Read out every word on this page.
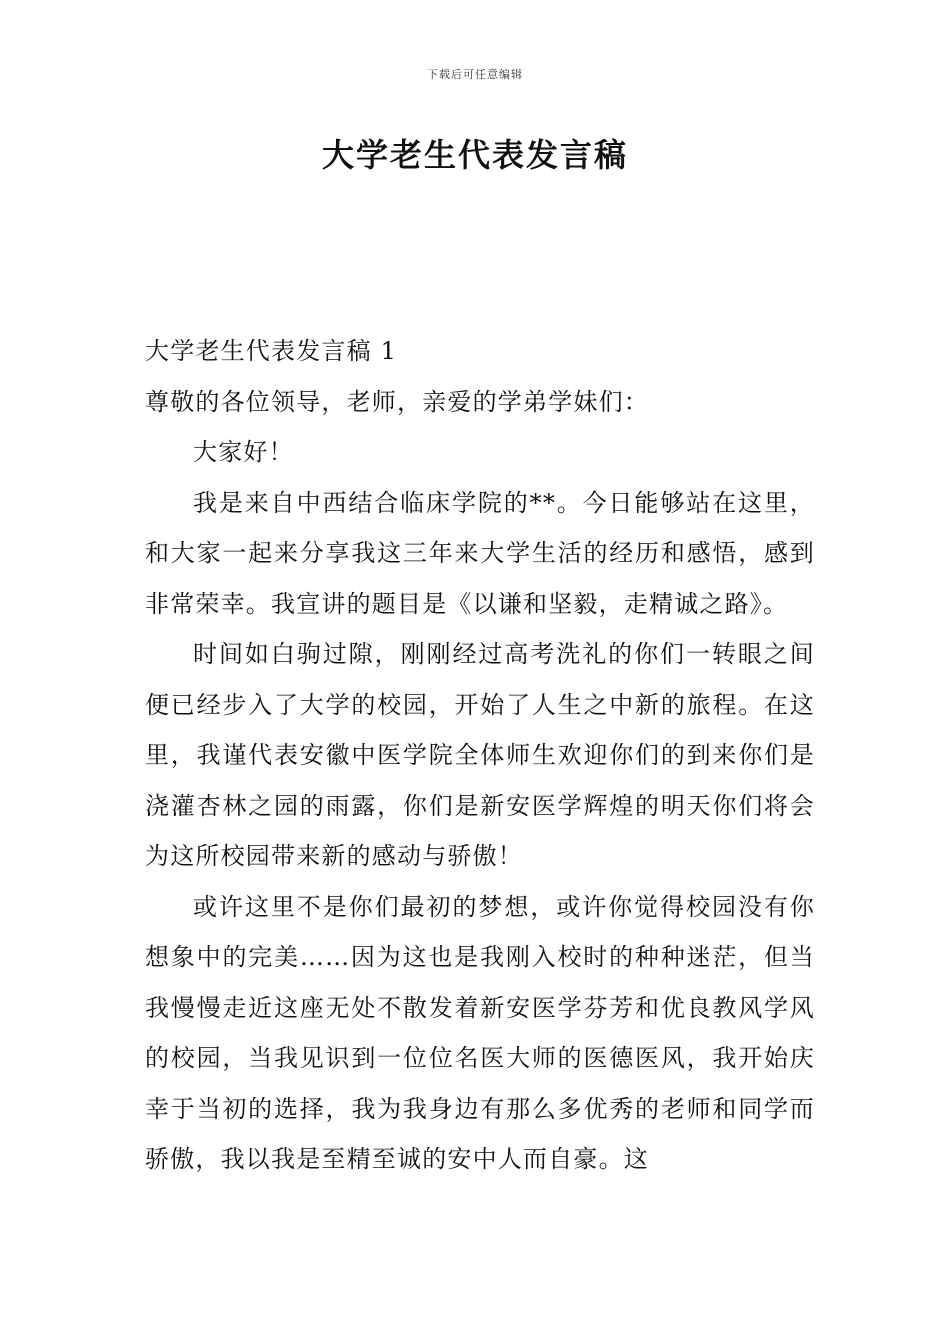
下载后可任意编辑
大学老生代表发言稿

大学老生代表发言稿 1

尊敬的各位领导，老师，亲爱的学弟学妹们：

大家好！

我是来自中西结合临床学院的**。今日能够站在这里，和大家一起来分享我这三年来大学生活的经历和感悟，感到非常荣幸。我宣讲的题目是《以谦和坚毅，走精诚之路》。

时间如白驹过隙，刚刚经过高考洗礼的你们一转眼之间便已经步入了大学的校园，开始了人生之中新的旅程。在这里，我谨代表安徽中医学院全体师生欢迎你们的到来你们是浇灌杏林之园的雨露，你们是新安医学辉煌的明天你们将会为这所校园带来新的感动与骄傲！

或许这里不是你们最初的梦想，或许你觉得校园没有你想象中的完美……因为这也是我刚入校时的种种迷茫，但当我慢慢走近这座无处不散发着新安医学芬芳和优良教风学风的校园，当我见识到一位位名医大师的医德医风，我开始庆幸于当初的选择，我为我身边有那么多优秀的老师和同学而骄傲，我以我是至精至诚的安中人而自豪。这
